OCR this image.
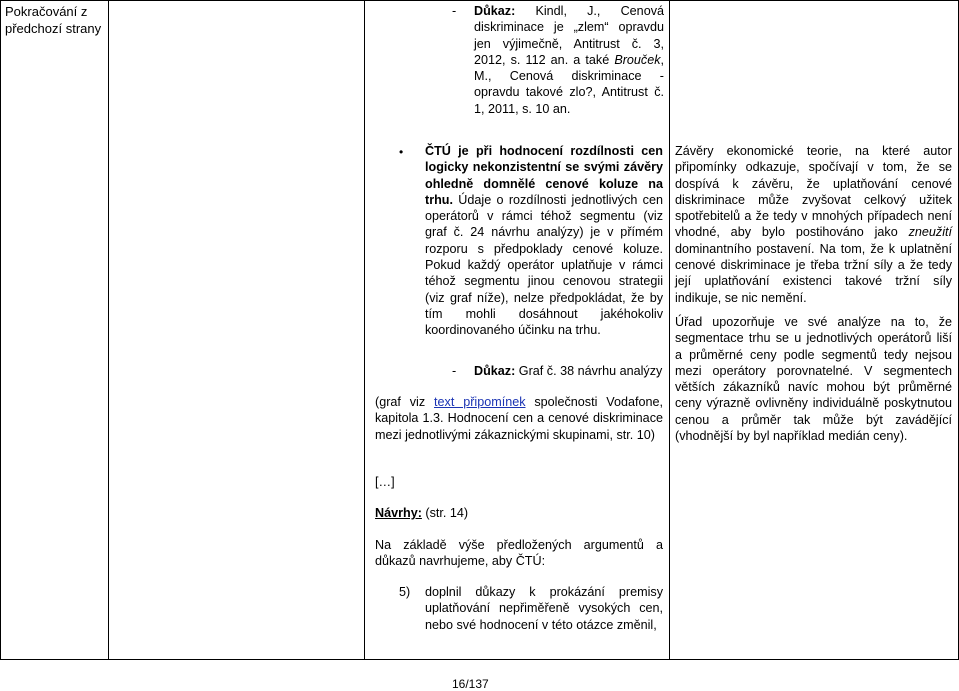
Pokračování z předchozí strany
- Důkaz: Kindl, J., Cenová diskriminace je „zlem“ opravdu jen výjimečně, Antitrust č. 3, 2012, s. 112 an. a také Brouček, M., Cenová diskriminace - opravdu takové zlo?, Antitrust č. 1, 2011, s. 10 an.
• ČTÚ je při hodnocení rozdílnosti cen logicky nekonzistentní se svými závěry ohledně domnělé cenové koluze na trhu. Údaje o rozdílnosti jednotlivých cen operátorů v rámci téhož segmentu (viz graf č. 24 návrhu analýzy) je v přímém rozporu s předpoklady cenové koluze. Pokud každý operátor uplatňuje v rámci téhož segmentu jinou cenovou strategii (viz graf níže), nelze předpokládat, že by tím mohli dosáhnout jakéhokoliv koordinovaného účinku na trhu.
- Důkaz: Graf č. 38 návrhu analýzy
(graf viz text připomínek společnosti Vodafone, kapitola 1.3. Hodnocení cen a cenové diskriminace mezi jednotlivými zákaznickými skupinami, str. 10)
[…]
Návrhy: (str. 14)
Na základě výše předložených argumentů a důkazů navrhujeme, aby ČTÚ:
5) doplnil důkazy k prokázání premisy uplatňování nepřiměřeně vysokých cen, nebo své hodnocení v této otázce změnil,
Závěry ekonomické teorie, na které autor připomínky odkazuje, spočívají v tom, že se dospívá k závěru, že uplatňování cenové diskriminace může zvyšovat celkový užitek spotřebitelů a že tedy v mnohých případech není vhodné, aby bylo postihováno jako zneužití dominantního postavení. Na tom, že k uplatnění cenové diskriminace je třeba tržní síly a že tedy její uplatňování existenci takové tržní síly indikuje, se nic nemění.
Úřad upozorňuje ve své analýze na to, že segmentace trhu se u jednotlivých operátorů liší a průměrné ceny podle segmentů tedy nejsou mezi operátory porovnatelné. V segmentech větších zákazníků navíc mohou být průměrné ceny výrazně ovlivněny individuálně poskytnutou cenou a průměr tak může být zavádějící (vhodnější by byl například medián ceny).
16/137
